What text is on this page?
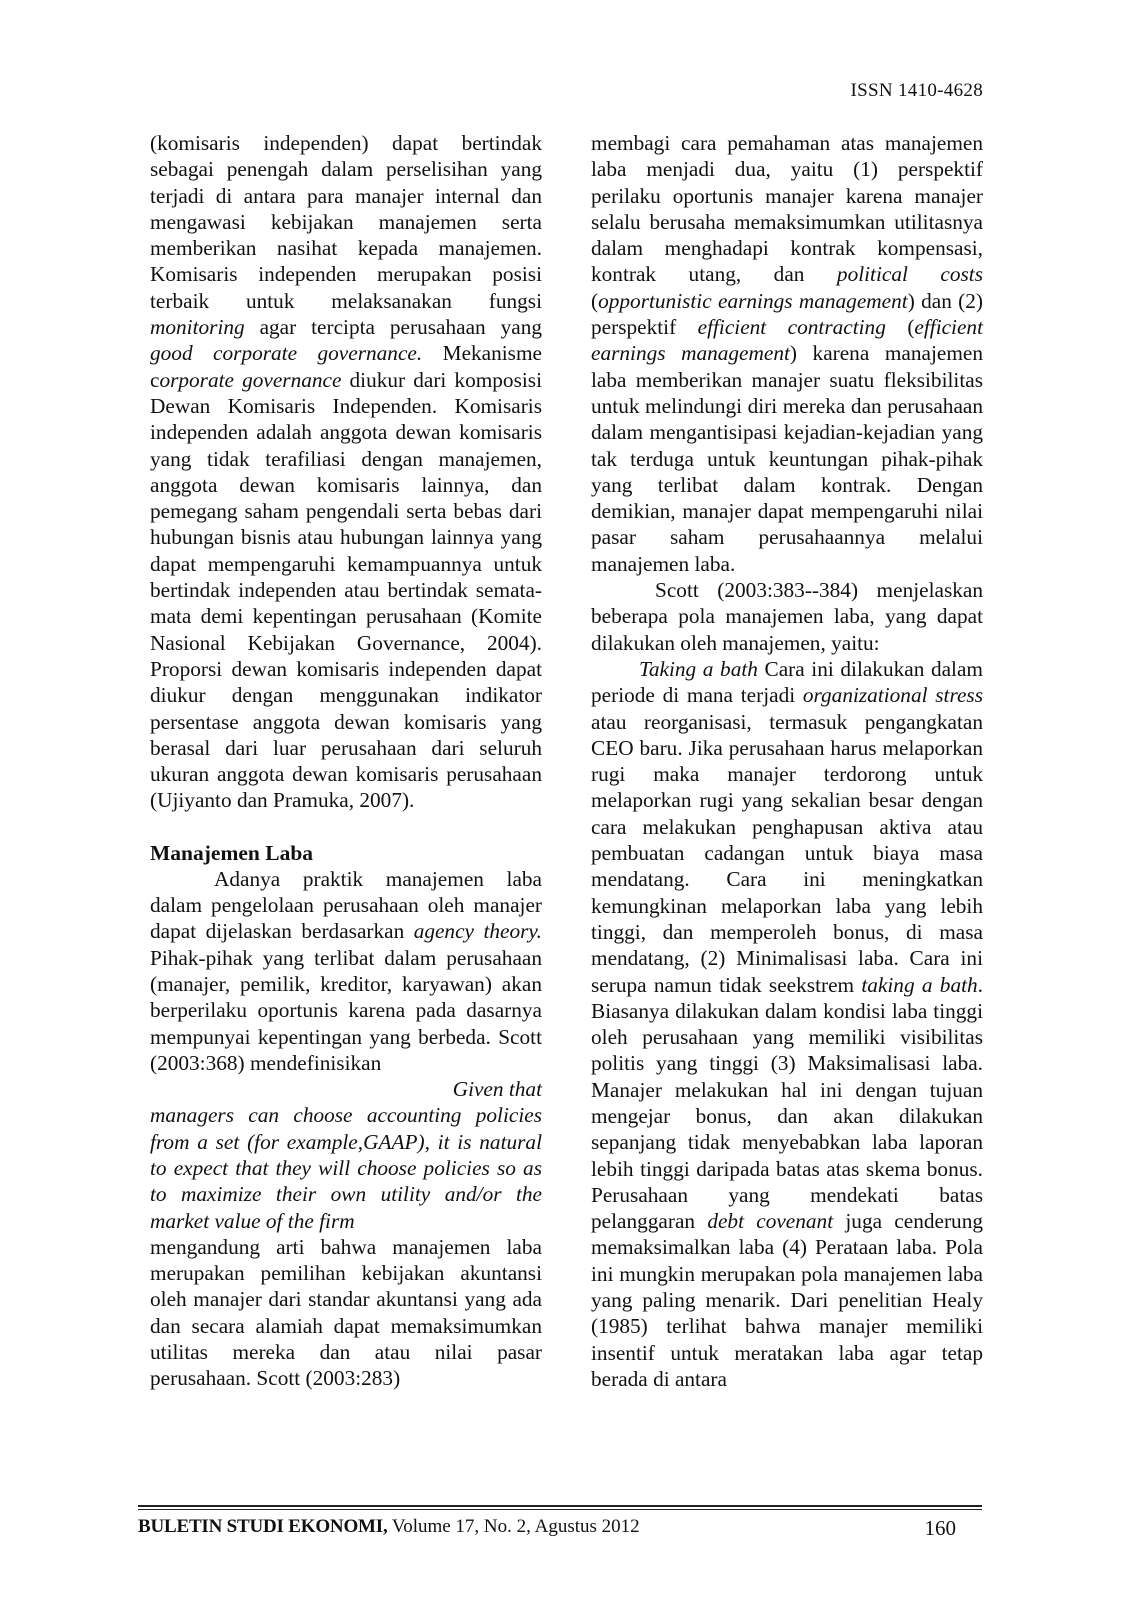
ISSN 1410-4628

(komisaris independen) dapat bertindak sebagai penengah dalam perselisihan yang terjadi di antara para manajer internal dan mengawasi kebijakan manajemen serta memberikan nasihat kepada manajemen. Komisaris independen merupakan posisi terbaik untuk melaksanakan fungsi monitoring agar tercipta perusahaan yang good corporate governance. Mekanisme corporate governance diukur dari komposisi Dewan Komisaris Independen. Komisaris independen adalah anggota dewan komisaris yang tidak terafiliasi dengan manajemen, anggota dewan komisaris lainnya, dan pemegang saham pengendali serta bebas dari hubungan bisnis atau hubungan lainnya yang dapat mempengaruhi kemampuannya untuk bertindak independen atau bertindak semata-mata demi kepentingan perusahaan (Komite Nasional Kebijakan Governance, 2004). Proporsi dewan komisaris independen dapat diukur dengan menggunakan indikator persentase anggota dewan komisaris yang berasal dari luar perusahaan dari seluruh ukuran anggota dewan komisaris perusahaan (Ujiyanto dan Pramuka, 2007).

Manajemen Laba

Adanya praktik manajemen laba dalam pengelolaan perusahaan oleh manajer dapat dijelaskan berdasarkan agency theory. Pihak-pihak yang terlibat dalam perusahaan (manajer, pemilik, kreditor, karyawan) akan berperilaku oportunis karena pada dasarnya mempunyai kepentingan yang berbeda. Scott (2003:368) mendefinisikan

Given that

managers can choose accounting policies from a set (for example,GAAP), it is natural to expect that they will choose policies so as to maximize their own utility and/or the market value of the firm

mengandung arti bahwa manajemen laba merupakan pemilihan kebijakan akuntansi oleh manajer dari standar akuntansi yang ada dan secara alamiah dapat memaksimumkan utilitas mereka dan atau nilai pasar perusahaan. Scott (2003:283)

membagi cara pemahaman atas manajemen laba menjadi dua, yaitu (1) perspektif perilaku oportunis manajer karena manajer selalu berusaha memaksimumkan utilitasnya dalam menghadapi kontrak kompensasi, kontrak utang, dan political costs (opportunistic earnings management) dan (2) perspektif efficient contracting (efficient earnings management) karena manajemen laba memberikan manajer suatu fleksibilitas untuk melindungi diri mereka dan perusahaan dalam mengantisipasi kejadian-kejadian yang tak terduga untuk keuntungan pihak-pihak yang terlibat dalam kontrak. Dengan demikian, manajer dapat mempengaruhi nilai pasar saham perusahaannya melalui manajemen laba.

Scott (2003:383--384) menjelaskan beberapa pola manajemen laba, yang dapat dilakukan oleh manajemen, yaitu:

Taking a bath Cara ini dilakukan dalam periode di mana terjadi organizational stress atau reorganisasi, termasuk pengangkatan CEO baru. Jika perusahaan harus melaporkan rugi maka manajer terdorong untuk melaporkan rugi yang sekalian besar dengan cara melakukan penghapusan aktiva atau pembuatan cadangan untuk biaya masa mendatang. Cara ini meningkatkan kemungkinan melaporkan laba yang lebih tinggi, dan memperoleh bonus, di masa mendatang, (2) Minimalisasi laba. Cara ini serupa namun tidak seekstrem taking a bath. Biasanya dilakukan dalam kondisi laba tinggi oleh perusahaan yang memiliki visibilitas politis yang tinggi (3) Maksimalisasi laba. Manajer melakukan hal ini dengan tujuan mengejar bonus, dan akan dilakukan sepanjang tidak menyebabkan laba laporan lebih tinggi daripada batas atas skema bonus. Perusahaan yang mendekati batas pelanggaran debt covenant juga cenderung memaksimalkan laba (4) Perataan laba. Pola ini mungkin merupakan pola manajemen laba yang paling menarik. Dari penelitian Healy (1985) terlihat bahwa manajer memiliki insentif untuk meratakan laba agar tetap berada di antara

BULETIN STUDI EKONOMI, Volume 17, No. 2, Agustus 2012	160
